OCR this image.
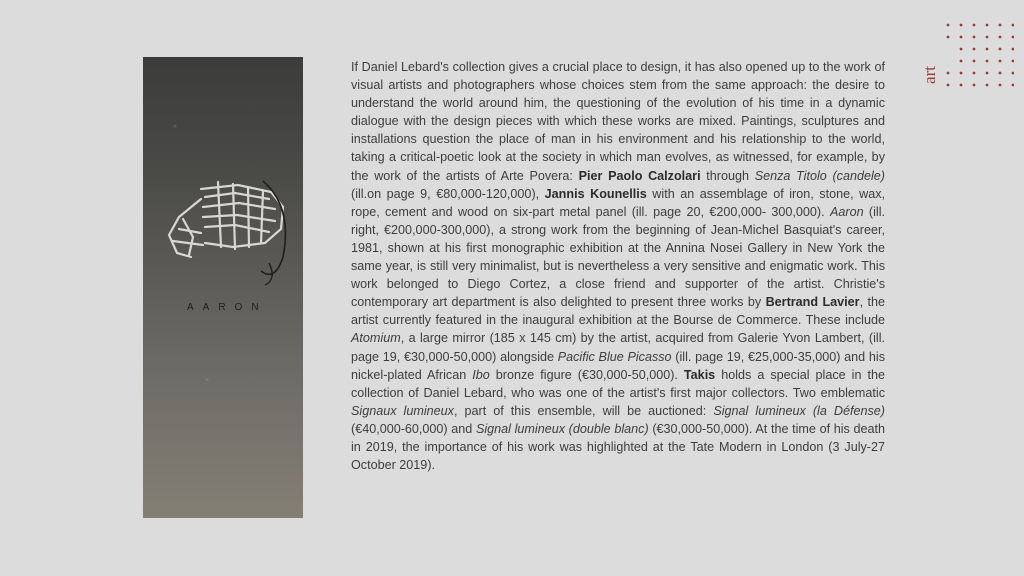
AARON
If Daniel Lebard's collection gives a crucial place to design, it has also opened up to the work of visual artists and photographers whose choices stem from the same approach: the desire to understand the world around him, the questioning of the evolution of his time in a dynamic dialogue with the design pieces with which these works are mixed. Paintings, sculptures and installations question the place of man in his environment and his relationship to the world, taking a critical-poetic look at the society in which man evolves, as witnessed, for example, by the work of the artists of Arte Povera: Pier Paolo Calzolari through Senza Titolo (candele) (ill.on page 9, €80,000-120,000), Jannis Kounellis with an assemblage of iron, stone, wax, rope, cement and wood on six-part metal panel (ill. page 20, €200,000- 300,000). Aaron (ill. right, €200,000-300,000), a strong work from the beginning of Jean-Michel Basquiat's career, 1981, shown at his first monographic exhibition at the Annina Nosei Gallery in New York the same year, is still very minimalist, but is nevertheless a very sensitive and enigmatic work. This work belonged to Diego Cortez, a close friend and supporter of the artist. Christie's contemporary art department is also delighted to present three works by Bertrand Lavier, the artist currently featured in the inaugural exhibition at the Bourse de Commerce. These include Atomium, a large mirror (185 x 145 cm) by the artist, acquired from Galerie Yvon Lambert, (ill. page 19, €30,000-50,000) alongside Pacific Blue Picasso (ill. page 19, €25,000-35,000) and his nickel-plated African Ibo bronze figure (€30,000-50,000). Takis holds a special place in the collection of Daniel Lebard, who was one of the artist's first major collectors. Two emblematic Signaux lumineux, part of this ensemble, will be auctioned: Signal lumineux (la Défense) (€40,000-60,000) and Signal lumineux (double blanc) (€30,000-50,000). At the time of his death in 2019, the importance of his work was highlighted at the Tate Modern in London (3 July-27 October 2019).
art
